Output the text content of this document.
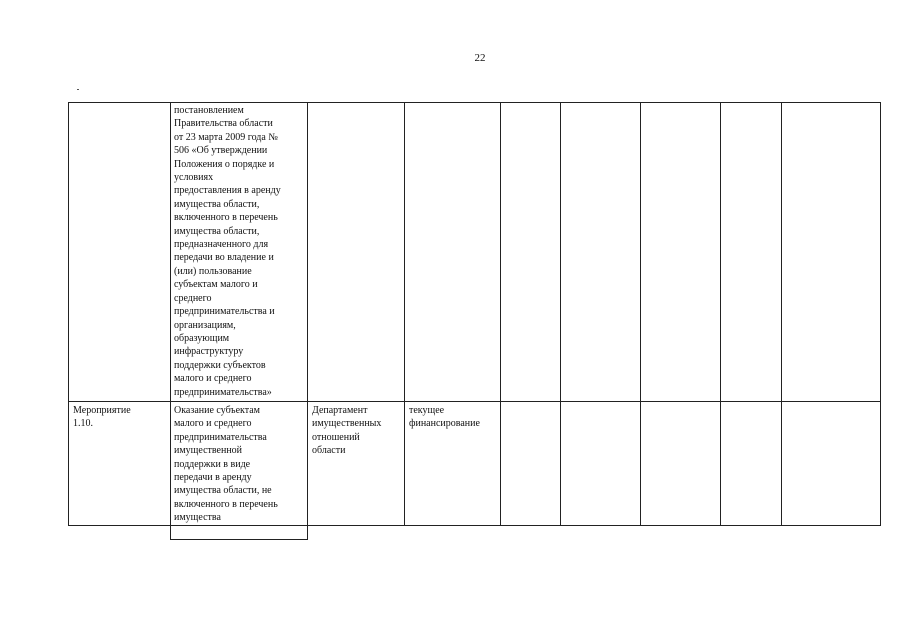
22
постановлением
Правительства области
от 23 марта 2009 года №
506 «Об утверждении
Положения о порядке и
условиях
предоставления в аренду
имущества области,
включенного в перечень
имущества области,
предназначенного для
передачи во владение и
(или) пользование
субъектам малого и
среднего
предпринимательства и
организациям,
образующим
инфраструктуру
поддержки субъектов
малого и среднего
предпринимательства»
Мероприятие
1.10.
Оказание субъектам
малого и среднего
предпринимательства
имущественной
поддержки в виде
передачи в аренду
имущества области, не
включенного в перечень
имущества
Департамент
имущественных
отношений
области
текущее
финансирование
